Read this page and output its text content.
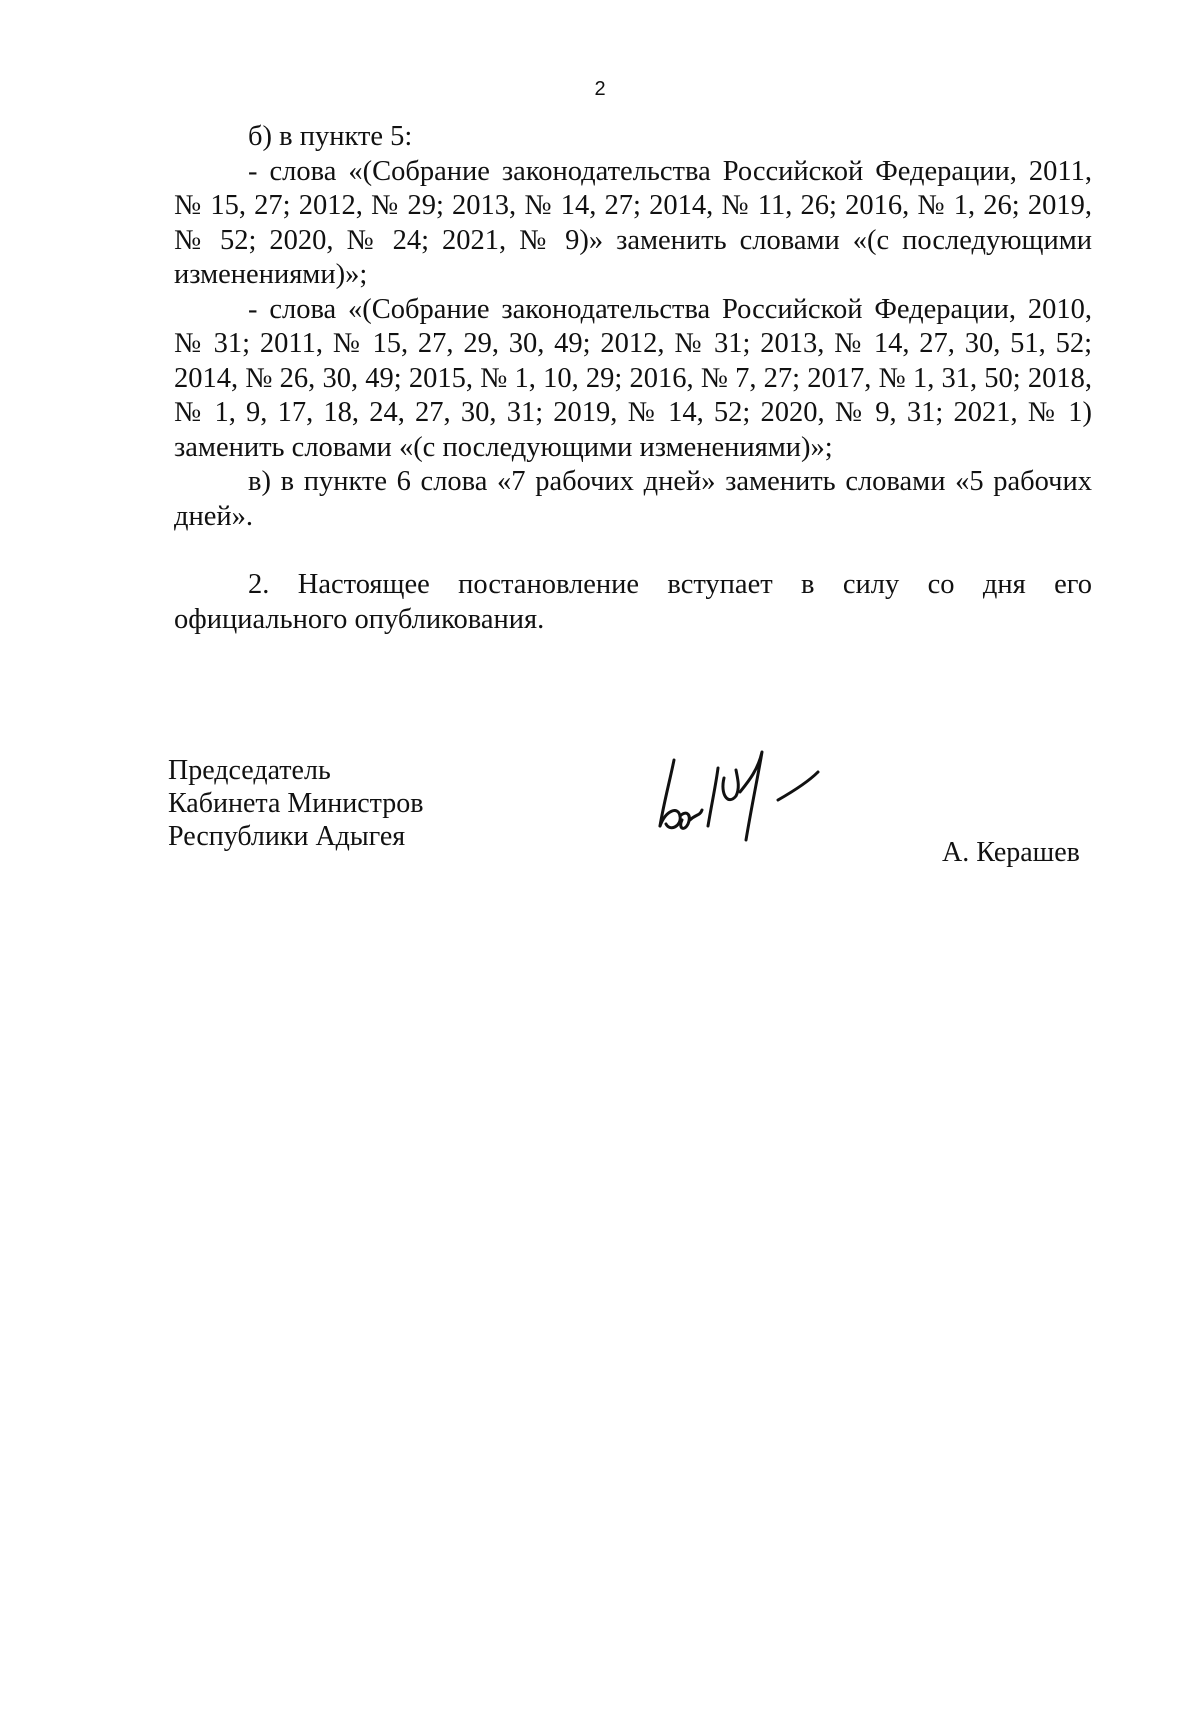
2

б) в пункте 5:

- слова «(Собрание законодательства Российской Федерации, 2011, № 15, 27; 2012, № 29; 2013, № 14, 27; 2014, № 11, 26; 2016, № 1, 26; 2019, № 52; 2020, № 24; 2021, № 9)» заменить словами «(с последующими изменениями)»;

- слова «(Собрание законодательства Российской Федерации, 2010, № 31; 2011, № 15, 27, 29, 30, 49; 2012, № 31; 2013, № 14, 27, 30, 51, 52; 2014, № 26, 30, 49; 2015, № 1, 10, 29; 2016, № 7, 27; 2017, № 1, 31, 50; 2018, № 1, 9, 17, 18, 24, 27, 30, 31; 2019, № 14, 52; 2020, № 9, 31; 2021, № 1) заменить словами «(с последующими изменениями)»;

в) в пункте 6 слова «7 рабочих дней» заменить словами «5 рабочих дней».

2. Настоящее постановление вступает в силу со дня его официального опубликования.

Председатель
Кабинета Министров
Республики Адыгея
А. Керашев
